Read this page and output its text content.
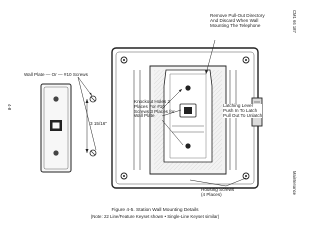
4-8
CM1 66 187
Maintenance
Remove Pull-Out Directory
And Discard When Wall
Mounting The Telephone
Wall Plate — Or — #10 Screws
3 15/16"
Knockout Holes 2
Places For #10
Screws 3 Places for
Wall Plate
Latching Lever
Push In To Latch
Pull Out To Unlatch
Housing Screws
(4 Places)
Figure 4-5. Station Wall Mounting Details
(Note: 22 Line/Feature Keyset shown • Single-Line Keyset similar)
